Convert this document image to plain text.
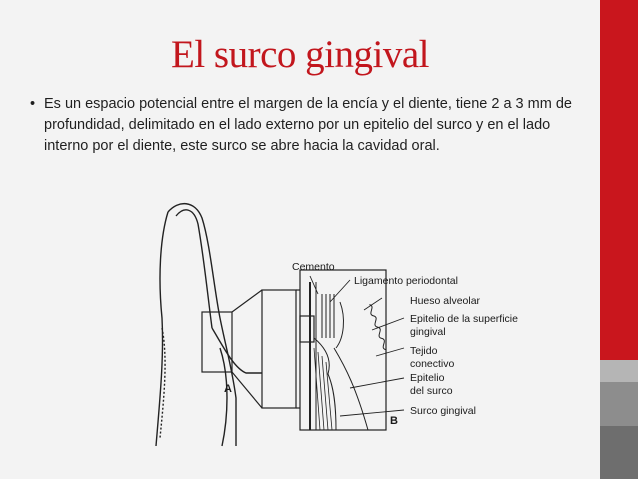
El surco gingival
• Es un espacio potencial entre el margen de la encía y el diente, tiene 2 a 3 mm de profundidad, delimitado en el lado externo por un epitelio del surco y en el lado interno por el diente, este surco se abre hacia la cavidad oral.
Cemento
Ligamento periodontal
Hueso alveolar
Epitelio de la superficie
gingival
Tejido
conectivo
Epitelio
del surco
Surco gingival
A
B
